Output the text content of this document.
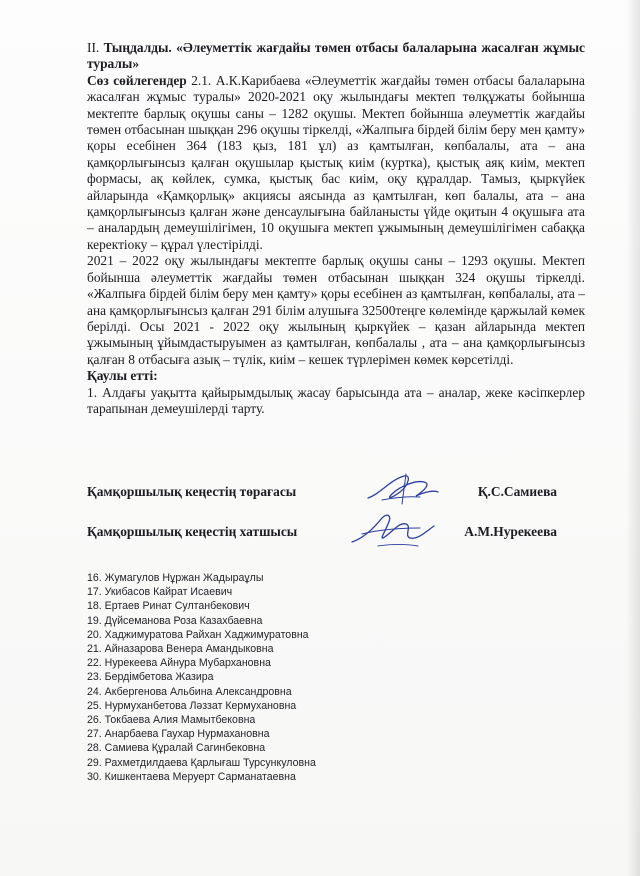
II. Тыңдалды. «Әлеуметтік жағдайы төмен отбасы балаларына жасалған жұмыс туралы»

Сөз сөйлегендер 2.1. А.К.Карибаева «Әлеуметтік жағдайы төмен отбасы балаларына жасалған жұмыс туралы» 2020-2021 оқу жылындағы мектеп төлқұжаты бойынша мектепте барлық оқушы саны – 1282 оқушы. Мектеп бойынша әлеуметтік жағдайы төмен отбасынан шыққан 296 оқушы тіркелді, «Жалпыға бірдей білім беру мен қамту» қоры есебінен 364 (183 қыз, 181 ұл) аз қамтылған, көпбалалы, ата – ана қамқорлығынсыз қалған оқушылар қыстық киім (куртка), қыстық аяқ киім, мектеп формасы, ақ көйлек, сумка, қыстық бас киім, оқу құралдар. Тамыз, қыркүйек айларында «Қамқорлық» акциясы аясында аз қамтылған, көп балалы, ата – ана қамқорлығынсыз қалған және денсаулығына байланысты үйде оқитын 4 оқушыға ата – аналардың демеушілігімен, 10 оқушыға мектеп ұжымының демеушілігімен сабаққа керектіоку – құрал үлестірілді.

2021 – 2022 оқу жылындағы мектепте барлық оқушы саны – 1293 оқушы. Мектеп бойынша әлеуметтік жағдайы төмен отбасынан шыққан 324 оқушы тіркелді. «Жалпыға бірдей білім беру мен қамту» қоры есебінен аз қамтылған, көпбалалы, ата – ана қамқорлығынсыз қалған 291 білім алушыға 32500теңге көлемінде қаржылай көмек берілді. Осы 2021 - 2022 оқу жылының қыркүйек – қазан айларында мектеп ұжымының ұйымдастыруымен аз қамтылған, көпбалалы , ата – ана қамқорлығынсыз қалған 8 отбасыға азық – түлік, киім – кешек түрлерімен көмек көрсетілді.

Қаулы етті:

1. Алдағы уақытта қайырымдылық жасау барысында ата – аналар, жеке кәсіпкерлер тарапынан демеушілерді тарту.

Қамқоршылық кеңестің төрағасы	Қ.С.Самиева
Қамқоршылық кеңестің хатшысы	А.М.Нурекеева
16. Жумагулов Нұржан Жадыраұлы
17. Укибасов Кайрат Исаевич
18. Ертаев Ринат Султанбекович
19. Дүйсеманова Роза Казахбаевна
20. Хаджимуратова Райхан Хаджимуратовна
21. Айназарова Венера Амандыковна
22. Нурекеева Айнура Мубархановна
23. Бердімбетова Жазира
24. Акбергенова Альбина Александровна
25. Нурмуханбетова Ләззат Кермухановна
26. Токбаева Алия Мамытбековна
27. Анарбаева Гаухар Нурмахановна
28. Самиева Құралай Сагинбековна
29. Рахметдилдаева Қарлығаш Турсункуловна
30. Кишкентаева Меруерт Сарманатаевна
